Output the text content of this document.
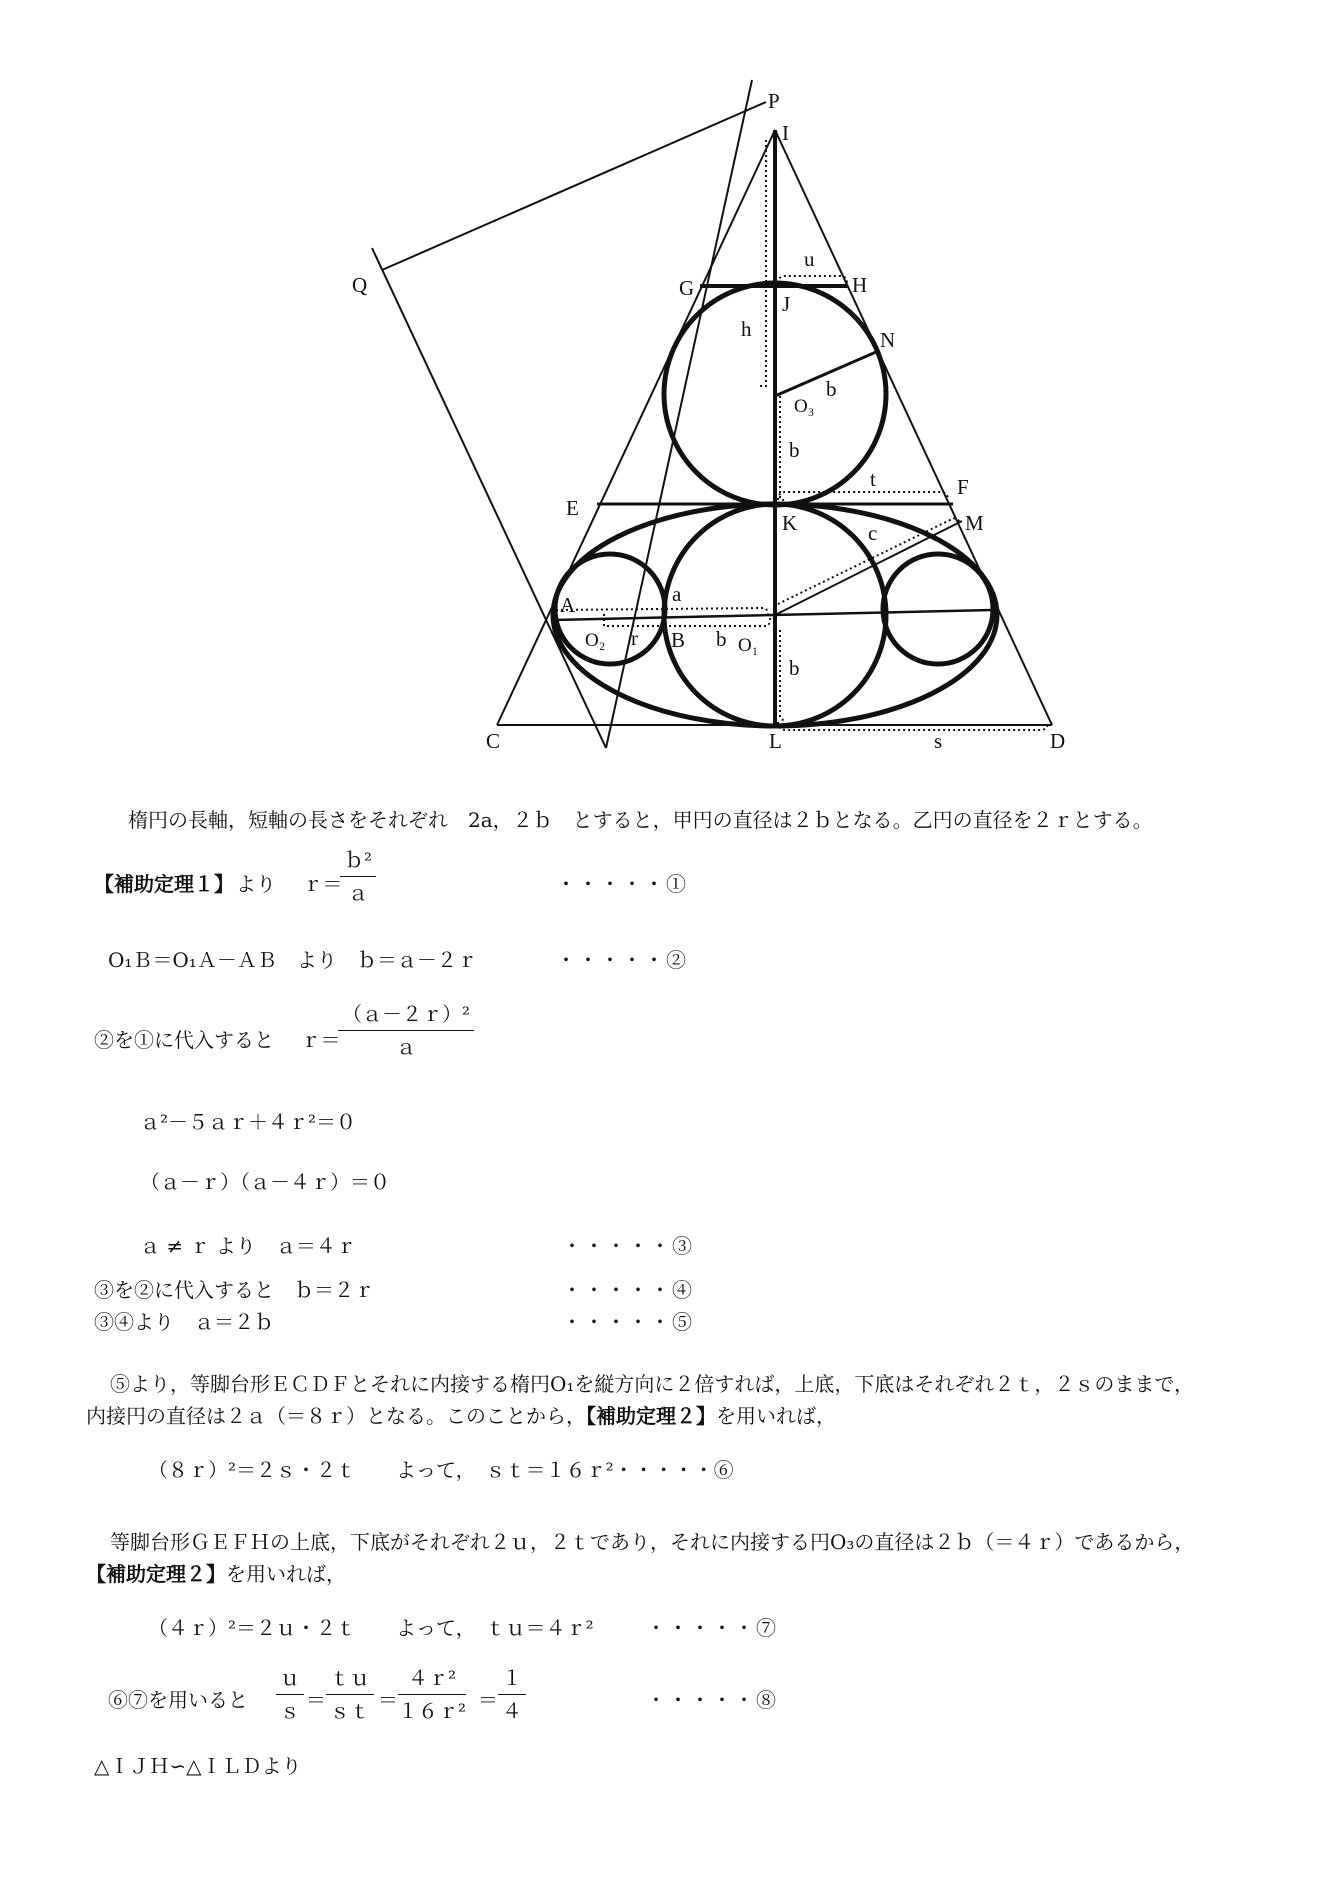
P
I
Q	G	H
J
N
E
F
K	M
A
B
C	L	D
O₁
O₂
O₃
u
h
b
b
t
c
a
r	b
b
s
楕円の長軸，短軸の長さをそれぞれ　2a，２ｂ　とすると，甲円の直径は２ｂとなる。乙円の直径を２ｒとする。
【補助定理１】 より　 ｒ＝
$\frac{\text{ｂ²}}{\text{ａ}}$	・・・・・①
O₁Ｂ＝O₁Ａ－ＡＢ　より　ｂ＝ａ－２ｒ	・・・・・②
②を①に代入すると　 ｒ＝
$\frac{\text{（ａ－２ｒ）²}}{\text{ａ}}$
ａ²－５ａｒ＋４ｒ²＝０
（ａ－ｒ）（ａ－４ｒ）＝０
ａ ≠ ｒ より　ａ＝４ｒ	・・・・・③
③を②に代入すると　ｂ＝２ｒ	・・・・・④
③④より　ａ＝２ｂ	・・・・・⑤
⑤より，等脚台形ＥＣＤＦとそれに内接する楕円O₁を縦方向に２倍すれば，上底，下底はそれぞれ２ｔ，２ｓのままで，
内接円の直径は２ａ（＝８ｒ）となる。このことから，【補助定理２】を用いれば，
（８ｒ）²＝２ｓ・２ｔ　　よって，　ｓｔ＝１６ｒ²・・・・・⑥
等脚台形ＧＥＦＨの上底，下底がそれぞれ２ｕ，２ｔであり，それに内接する円O₃の直径は２ｂ（＝４ｒ）であるから，
【補助定理２】を用いれば，
（４ｒ）²＝２ｕ・２ｔ　　よって，　ｔｕ＝４ｒ²	・・・・・⑦
⑥⑦を用いると $\frac{\text{ｕ}}{\text{ｓ}} = \frac{\text{ｔｕ}}{\text{ｓｔ}} = \frac{\text{４ｒ²}}{\text{１６ｒ²}}$ ＝
１
４	・・・・・⑧
△ＩＪＨ∽△ＩＬＤより
